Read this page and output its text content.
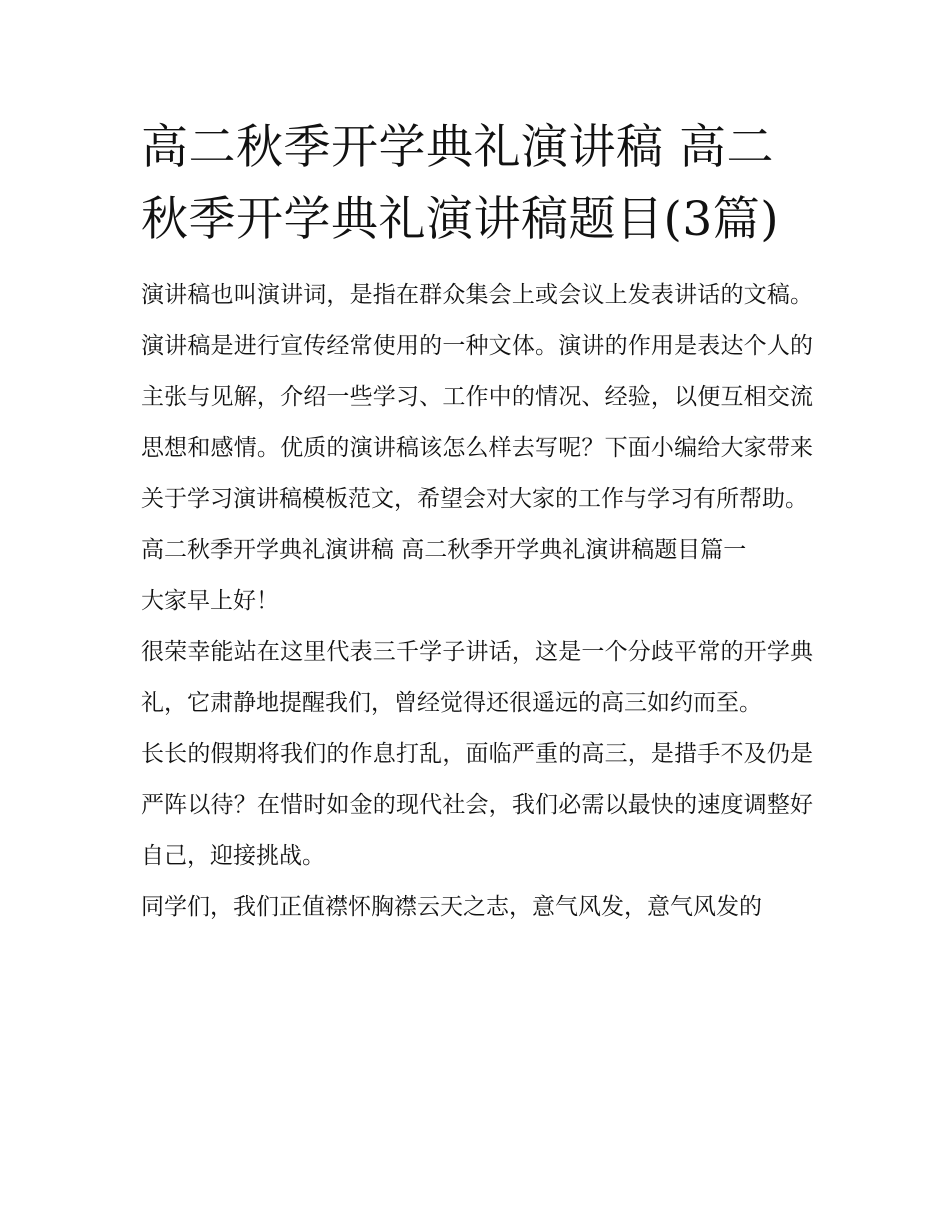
高二秋季开学典礼演讲稿 高二秋季开学典礼演讲稿题目(3篇)

演讲稿也叫演讲词，是指在群众集会上或会议上发表讲话的文稿。演讲稿是进行宣传经常使用的一种文体。演讲的作用是表达个人的主张与见解，介绍一些学习、工作中的情况、经验，以便互相交流思想和感情。优质的演讲稿该怎么样去写呢？下面小编给大家带来关于学习演讲稿模板范文，希望会对大家的工作与学习有所帮助。

高二秋季开学典礼演讲稿 高二秋季开学典礼演讲稿题目篇一

大家早上好！

很荣幸能站在这里代表三千学子讲话，这是一个分歧平常的开学典礼，它肃静地提醒我们，曾经觉得还很遥远的高三如约而至。

长长的假期将我们的作息打乱，面临严重的高三，是措手不及仍是严阵以待？在惜时如金的现代社会，我们必需以最快的速度调整好自己，迎接挑战。

同学们，我们正值襟怀胸襟云天之志，意气风发，意气风发的
